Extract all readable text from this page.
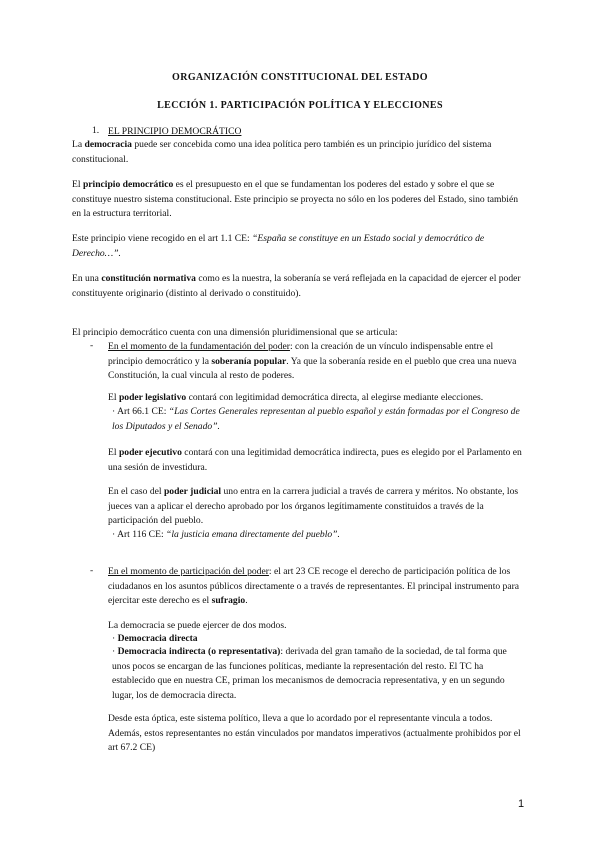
ORGANIZACIÓN CONSTITUCIONAL DEL ESTADO
LECCIÓN 1. PARTICIPACIÓN POLÍTICA Y ELECCIONES
1. EL PRINCIPIO DEMOCRÁTICO
La democracia puede ser concebida como una idea política pero también es un principio jurídico del sistema constitucional.
El principio democrático es el presupuesto en el que se fundamentan los poderes del estado y sobre el que se constituye nuestro sistema constitucional. Este principio se proyecta no sólo en los poderes del Estado, sino también en la estructura territorial.
Este principio viene recogido en el art 1.1 CE: “España se constituye en un Estado social y democrático de Derecho…”.
En una constitución normativa como es la nuestra, la soberanía se verá reflejada en la capacidad de ejercer el poder constituyente originario (distinto al derivado o constituido).
El principio democrático cuenta con una dimensión pluridimensional que se articula:
- En el momento de la fundamentación del poder: con la creación de un vínculo indispensable entre el principio democrático y la soberanía popular. Ya que la soberanía reside en el pueblo que crea una nueva Constitución, la cual vincula al resto de poderes.
El poder legislativo contará con legitimidad democrática directa, al elegirse mediante elecciones.
· Art 66.1 CE: “Las Cortes Generales representan al pueblo español y están formadas por el Congreso de los Diputados y el Senado”.
El poder ejecutivo contará con una legitimidad democrática indirecta, pues es elegido por el Parlamento en una sesión de investidura.
En el caso del poder judicial uno entra en la carrera judicial a través de carrera y méritos. No obstante, los jueces van a aplicar el derecho aprobado por los órganos legítimamente constituidos a través de la participación del pueblo.
· Art 116 CE: “la justicia emana directamente del pueblo”.
- En el momento de participación del poder: el art 23 CE recoge el derecho de participación política de los ciudadanos en los asuntos públicos directamente o a través de representantes. El principal instrumento para ejercitar este derecho es el sufragio.
La democracia se puede ejercer de dos modos.
· Democracia directa
· Democracia indirecta (o representativa): derivada del gran tamaño de la sociedad, de tal forma que unos pocos se encargan de las funciones políticas, mediante la representación del resto. El TC ha establecido que en nuestra CE, priman los mecanismos de democracia representativa, y en un segundo lugar, los de democracia directa.
Desde esta óptica, este sistema político, lleva a que lo acordado por el representante vincula a todos. Además, estos representantes no están vinculados por mandatos imperativos (actualmente prohibidos por el art 67.2 CE)
1
